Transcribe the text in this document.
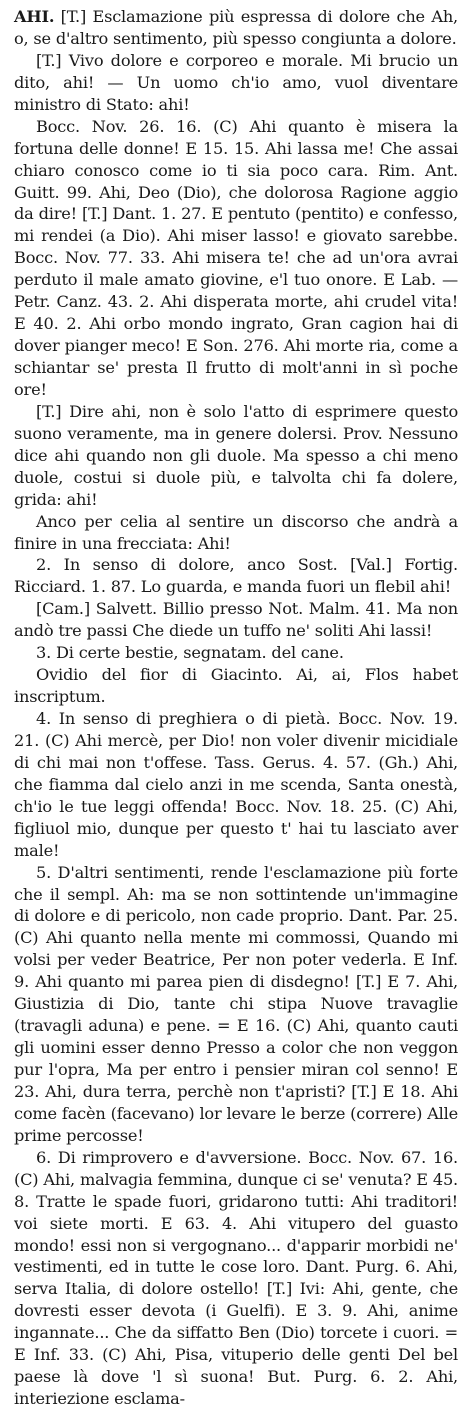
AHI. [T.] Esclamazione più espressa di dolore che Ah, o, se d'altro sentimento, più spesso congiunta a dolore.

[T.] Vivo dolore e corporeo e morale. Mi brucio un dito, ahi! — Un uomo ch'io amo, vuol diventare ministro di Stato: ahi!

Bocc. Nov. 26. 16. (C) Ahi quanto è misera la fortuna delle donne! E 15. 15. Ahi lassa me! Che assai chiaro conosco come io ti sia poco cara. Rim. Ant. Guitt. 99. Ahi, Deo (Dio), che dolorosa Ragione aggio da dire! [T.] Dant. 1. 27. E pentuto (pentito) e confesso, mi rendei (a Dio). Ahi miser lasso! e giovato sarebbe. Bocc. Nov. 77. 33. Ahi misera te! che ad un'ora avrai perduto il male amato giovine, e'l tuo onore. E Lab. — Petr. Canz. 43. 2. Ahi disperata morte, ahi crudel vita! E 40. 2. Ahi orbo mondo ingrato, Gran cagion hai di dover pianger meco! E Son. 276. Ahi morte ria, come a schiantar se' presta Il frutto di molt'anni in sì poche ore!

[T.] Dire ahi, non è solo l'atto di esprimere questo suono veramente, ma in genere dolersi. Prov. Nessuno dice ahi quando non gli duole. Ma spesso a chi meno duole, costui si duole più, e talvolta chi fa dolere, grida: ahi!

Anco per celia al sentire un discorso che andrà a finire in una frecciata: Ahi!

2. In senso di dolore, anco Sost. [Val.] Fortig. Ricciard. 1. 87. Lo guarda, e manda fuori un flebil ahi!

[Cam.] Salvett. Billio presso Not. Malm. 41. Ma non andò tre passi Che diede un tuffo ne' soliti Ahi lassi!

3. Di certe bestie, segnatam. del cane.

Ovidio del fior di Giacinto. Ai, ai, Flos habet inscriptum.

4. In senso di preghiera o di pietà. Bocc. Nov. 19. 21. (C) Ahi mercè, per Dio! non voler divenir micidiale di chi mai non t'offese. Tass. Gerus. 4. 57. (Gh.) Ahi, che fiamma dal cielo anzi in me scenda, Santa onestà, ch'io le tue leggi offenda! Bocc. Nov. 18. 25. (C) Ahi, figliuol mio, dunque per questo t' hai tu lasciato aver male!

5. D'altri sentimenti, rende l'esclamazione più forte che il sempl. Ah: ma se non sottintende un'immagine di dolore e di pericolo, non cade proprio. Dant. Par. 25. (C) Ahi quanto nella mente mi commossi, Quando mi volsi per veder Beatrice, Per non poter vederla. E Inf. 9. Ahi quanto mi parea pien di disdegno! [T.] E 7. Ahi, Giustizia di Dio, tante chi stipa Nuove travaglie (travagli aduna) e pene. = E 16. (C) Ahi, quanto cauti gli uomini esser denno Presso a color che non veggon pur l'opra, Ma per entro i pensier miran col senno! E 23. Ahi, dura terra, perchè non t'apristi? [T.] E 18. Ahi come facèn (facevano) lor levare le berze (correre) Alle prime percosse!

6. Di rimprovero e d'avversione. Bocc. Nov. 67. 16. (C) Ahi, malvagia femmina, dunque ci se' venuta? E 45. 8. Tratte le spade fuori, gridarono tutti: Ahi traditori! voi siete morti. E 63. 4. Ahi vitupero del guasto mondo! essi non si vergognano... d'apparir morbidi ne' vestimenti, ed in tutte le cose loro. Dant. Purg. 6. Ahi, serva Italia, di dolore ostello! [T.] Ivi: Ahi, gente, che dovresti esser devota (i Guelfi). E 3. 9. Ahi, anime ingannate... Che da siffatto Ben (Dio) torcete i cuori. = E Inf. 33. (C) Ahi, Pisa, vituperio delle genti Del bel paese là dove 'l sì suona! But. Purg. 6. 2. Ahi, interiezione esclama-
